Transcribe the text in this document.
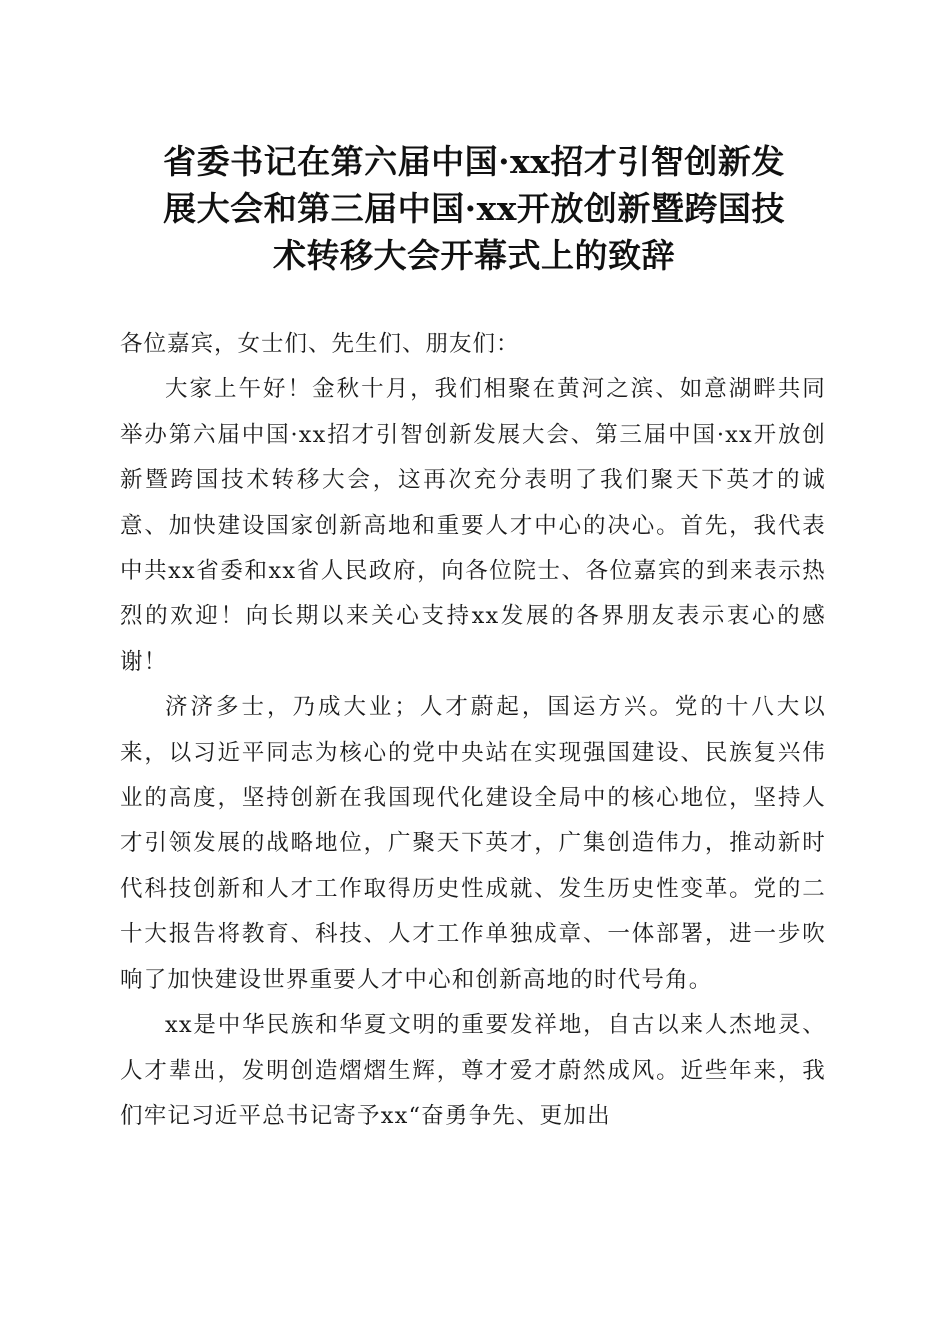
省委书记在第六届中国·xx招才引智创新发
展大会和第三届中国·xx开放创新暨跨国技
术转移大会开幕式上的致辞

各位嘉宾，女士们、先生们、朋友们：

大家上午好！金秋十月，我们相聚在黄河之滨、如意湖畔共同举办第六届中国·xx招才引智创新发展大会、第三届中国·xx开放创新暨跨国技术转移大会，这再次充分表明了我们聚天下英才的诚意、加快建设国家创新高地和重要人才中心的决心。首先，我代表中共xx省委和xx省人民政府，向各位院士、各位嘉宾的到来表示热烈的欢迎！向长期以来关心支持xx发展的各界朋友表示衷心的感谢！

济济多士，乃成大业；人才蔚起，国运方兴。党的十八大以来，以习近平同志为核心的党中央站在实现强国建设、民族复兴伟业的高度，坚持创新在我国现代化建设全局中的核心地位，坚持人才引领发展的战略地位，广聚天下英才，广集创造伟力，推动新时代科技创新和人才工作取得历史性成就、发生历史性变革。党的二十大报告将教育、科技、人才工作单独成章、一体部署，进一步吹响了加快建设世界重要人才中心和创新高地的时代号角。

xx是中华民族和华夏文明的重要发祥地，自古以来人杰地灵、人才辈出，发明创造熠熠生辉，尊才爱才蔚然成风。近些年来，我们牢记习近平总书记寄予xx“奋勇争先、更加出
